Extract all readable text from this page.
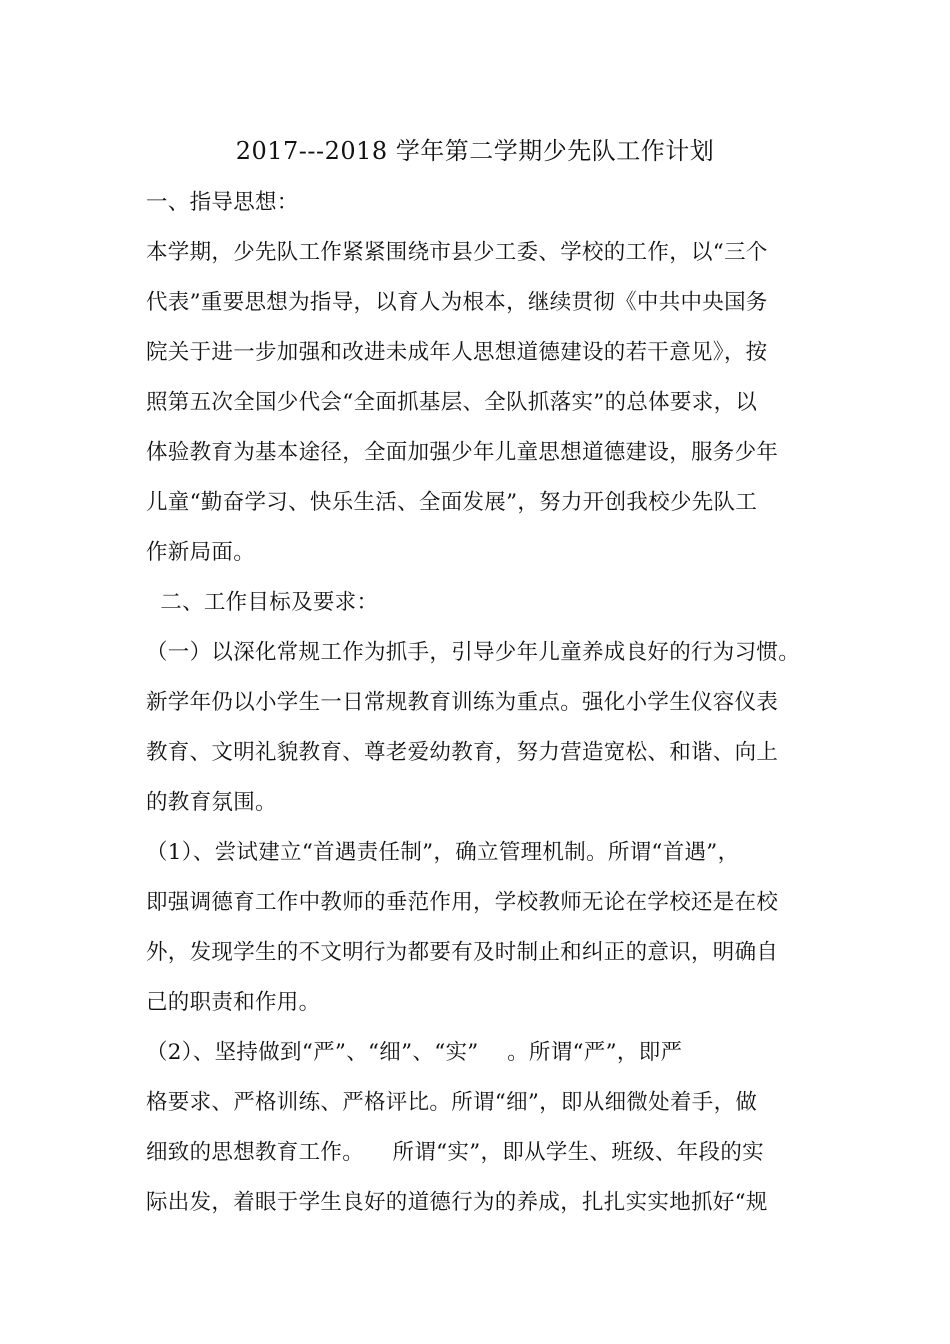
2017---2018 学年第二学期少先队工作计划
一、指导思想：
本学期，少先队工作紧紧围绕市县少工委、学校的工作，以“三个
代表”重要思想为指导，以育人为根本，继续贯彻《中共中央国务
院关于进一步加强和改进未成年人思想道德建设的若干意见》，按
照第五次全国少代会“全面抓基层、全队抓落实”的总体要求，以
体验教育为基本途径，全面加强少年儿童思想道德建设，服务少年
儿童“勤奋学习、快乐生活、全面发展”，努力开创我校少先队工
作新局面。
二、工作目标及要求：
（一）以深化常规工作为抓手，引导少年儿童养成良好的行为习惯。
新学年仍以小学生一日常规教育训练为重点。强化小学生仪容仪表
教育、文明礼貌教育、尊老爱幼教育，努力营造宽松、和谐、向上
的教育氛围。
（1）、尝试建立“首遇责任制”，确立管理机制。所谓“首遇”，
即强调德育工作中教师的垂范作用，学校教师无论在学校还是在校
外，发现学生的不文明行为都要有及时制止和纠正的意识，明确自
己的职责和作用。
（2）、坚持做到“严”、“细”、“实”    。所谓“严”，即严
格要求、严格训练、严格评比。所谓“细”，即从细微处着手，做
细致的思想教育工作。    所谓“实”，即从学生、班级、年段的实
际出发，着眼于学生良好的道德行为的养成，扎扎实实地抓好“规
